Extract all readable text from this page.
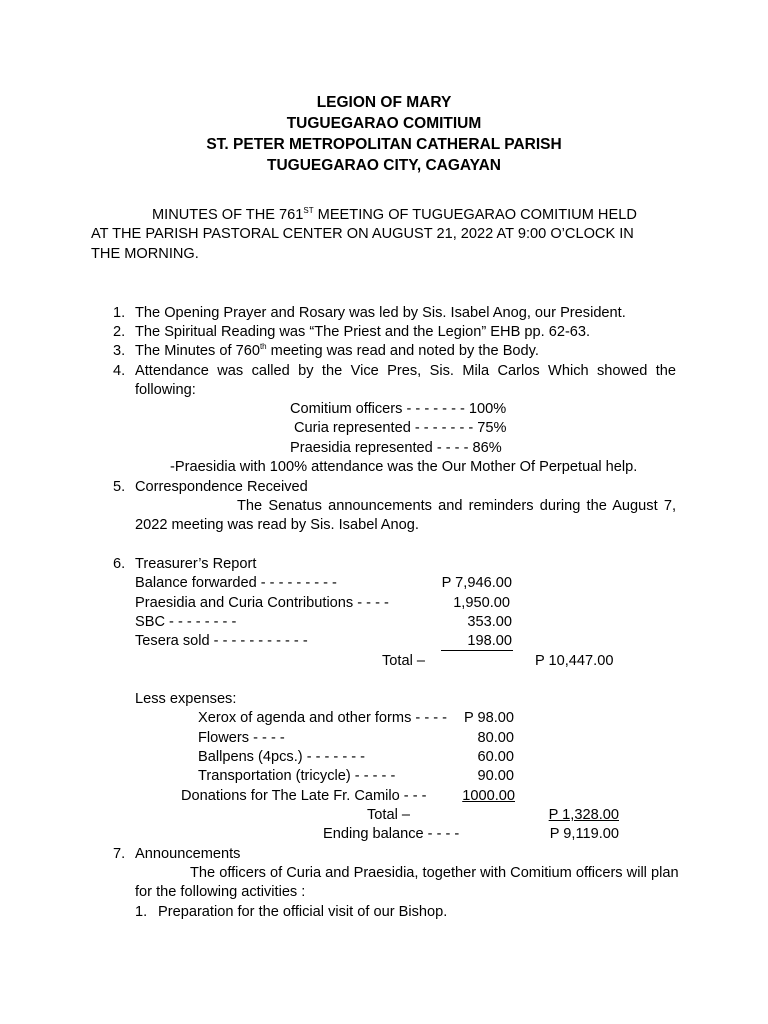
LEGION OF MARY
TUGUEGARAO COMITIUM
ST. PETER METROPOLITAN CATHERAL PARISH
TUGUEGARAO CITY, CAGAYAN
MINUTES OF THE 761ST MEETING OF TUGUEGARAO COMITIUM HELD
AT THE PARISH PASTORAL CENTER ON AUGUST 21, 2022 AT 9:00 O’CLOCK IN
THE MORNING.
1. The Opening Prayer and Rosary was led by Sis. Isabel Anog, our President.
2. The Spiritual Reading was “The Priest and the Legion” EHB pp. 62-63.
3. The Minutes of 760th meeting was read and noted by the Body.
4. Attendance was called by the Vice Pres, Sis. Mila Carlos Which showed the
following:
Comitium officers - - - - - - - 100%
Curia represented - - - - - - - 75%
Praesidia represented - - - - 86%
-Praesidia with 100% attendance was the Our Mother Of Perpetual help.
5. Correspondence Received
The Senatus announcements and reminders during the August 7,
2022 meeting was read by Sis. Isabel Anog.
6. Treasurer’s Report
Balance forwarded - - - - - - - - -	P 7,946.00
Praesidia and Curia Contributions - - - -	1,950.00
SBC - - - - - - - -	353.00
Tesera sold - - - - - - - - - - -	198.00
Total –	P 10,447.00
Less expenses:
Xerox of agenda and other forms - - - -	P 98.00
Flowers - - - -	80.00
Ballpens (4pcs.) - - - - - - -	60.00
Transportation (tricycle) - - - - -	90.00
Donations for The Late Fr. Camilo - - -	1000.00
Total –	P 1,328.00
Ending balance - - - -	P 9,119.00
7. Announcements
The officers of Curia and Praesidia, together with Comitium officers will plan
for the following activities :
1. Preparation for the official visit of our Bishop.
